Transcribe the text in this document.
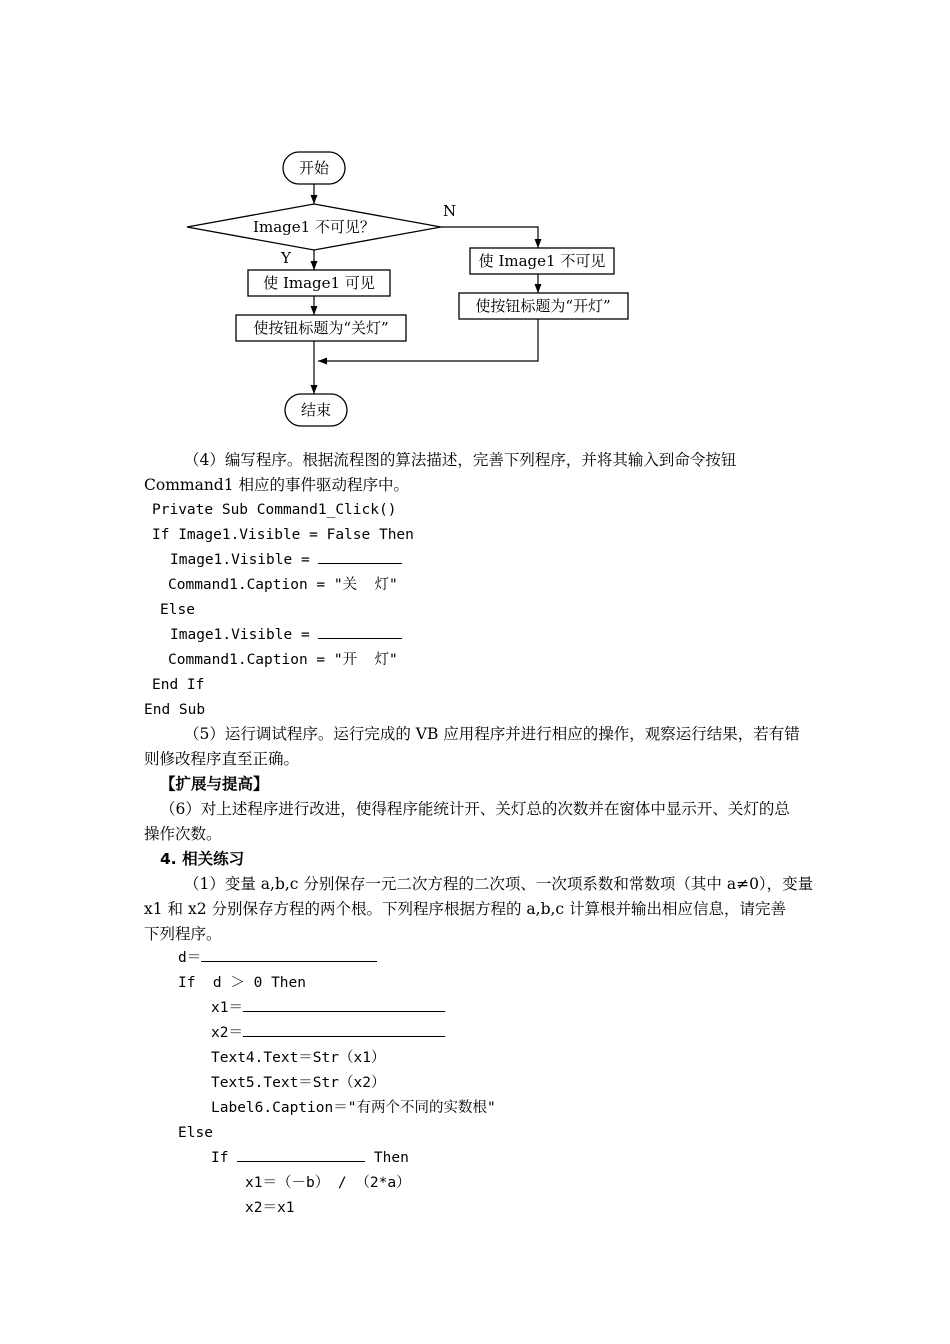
开始
Image1 不可见？
N
Y
使 Image1 可见
使按钮标题为“关灯”
使 Image1 不可见
使按钮标题为“开灯”
结束
（4）编写程序。根据流程图的算法描述，完善下列程序，并将其输入到命令按钮
Command1 相应的事件驱动程序中。
Private Sub Command1_Click()
If Image1.Visible = False Then
Image1.Visible =
Command1.Caption = "关  灯"
Else
Image1.Visible =
Command1.Caption = "开  灯"
End If
End Sub
（5）运行调试程序。运行完成的 VB 应用程序并进行相应的操作，观察运行结果，若有错
则修改程序直至正确。
【扩展与提高】
（6）对上述程序进行改进，使得程序能统计开、关灯总的次数并在窗体中显示开、关灯的总
操作次数。
4. 相关练习
（1）变量 a,b,c 分别保存一元二次方程的二次项、一次项系数和常数项（其中 a≠0），变量
x1 和 x2 分别保存方程的两个根。下列程序根据方程的 a,b,c 计算根并输出相应信息，请完善
下列程序。
d＝
If  d ＞ 0 Then
x1＝
x2＝
Text4.Text＝Str（x1）
Text5.Text＝Str（x2）
Label6.Caption＝"有两个不同的实数根"
Else
If	Then
x1＝（－b） / （2*a）
x2＝x1
